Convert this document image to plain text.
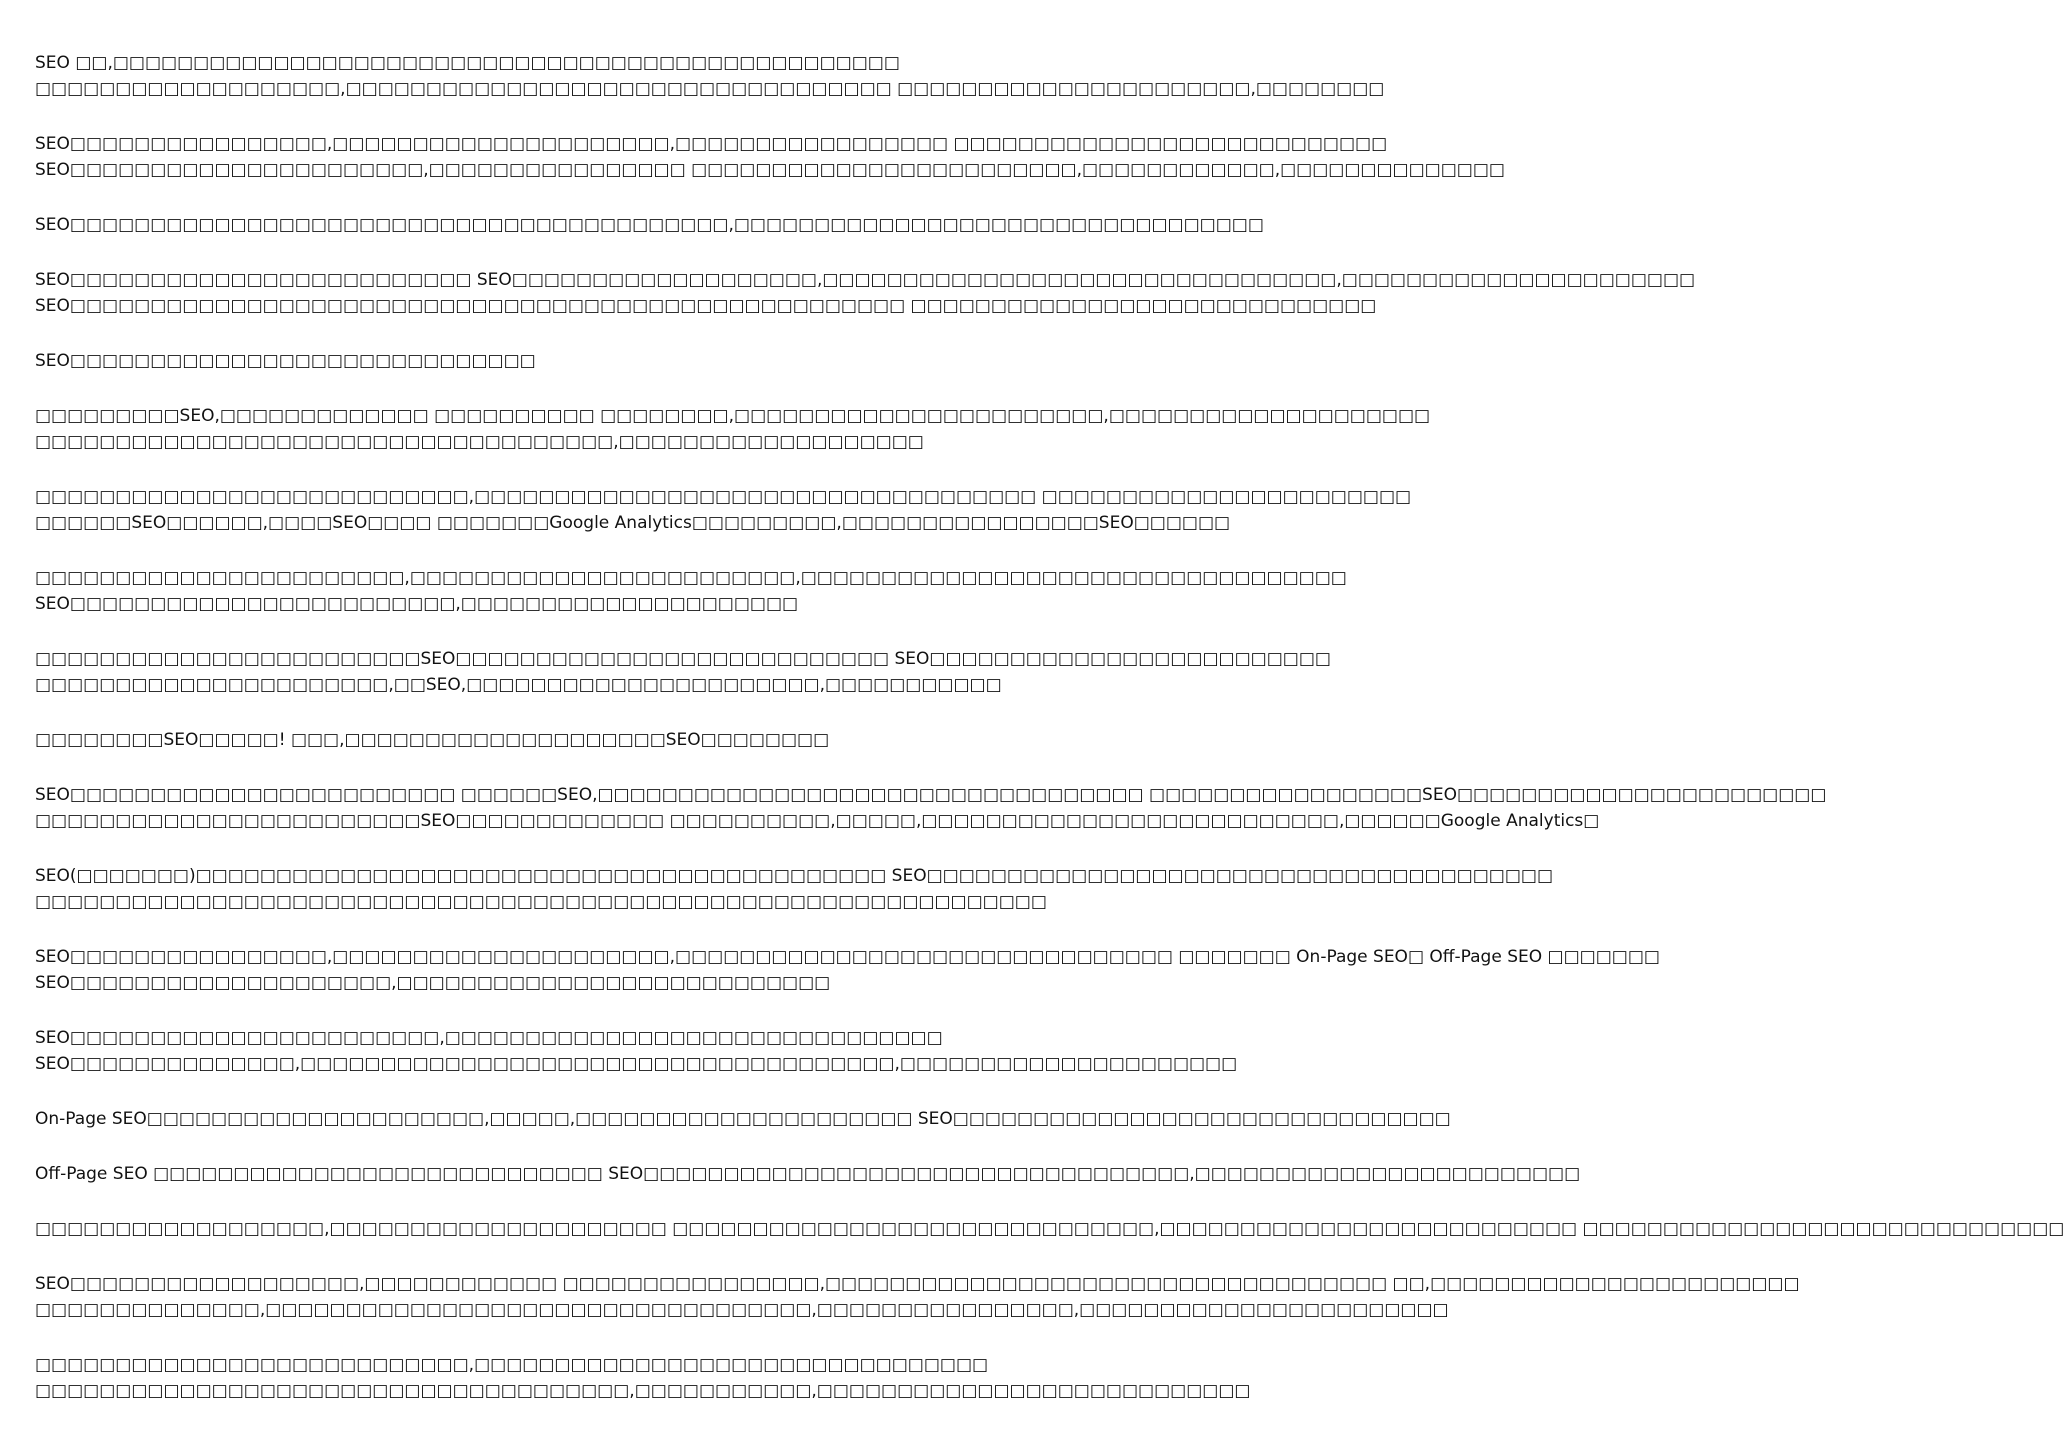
SEO □□,□□□□□□□□□□□□□□□□□□□□□□□□□□□□□□□□□□□□□□□□□□□□□□□□□
□□□□□□□□□□□□□□□□□□□,□□□□□□□□□□□□□□□□□□□□□□□□□□□□□□□□□□ □□□□□□□□□□□□□□□□□□□□□□,□□□□□□□□

SEO□□□□□□□□□□□□□□□□,□□□□□□□□□□□□□□□□□□□□□,□□□□□□□□□□□□□□□□□ □□□□□□□□□□□□□□□□□□□□□□□□□□□
SEO□□□□□□□□□□□□□□□□□□□□□□,□□□□□□□□□□□□□□□□ □□□□□□□□□□□□□□□□□□□□□□□□,□□□□□□□□□□□□,□□□□□□□□□□□□□□

SEO□□□□□□□□□□□□□□□□□□□□□□□□□□□□□□□□□□□□□□□□□,□□□□□□□□□□□□□□□□□□□□□□□□□□□□□□□□□

SEO□□□□□□□□□□□□□□□□□□□□□□□□□ SEO□□□□□□□□□□□□□□□□□□□,□□□□□□□□□□□□□□□□□□□□□□□□□□□□□□□□,□□□□□□□□□□□□□□□□□□□□□□
SEO□□□□□□□□□□□□□□□□□□□□□□□□□□□□□□□□□□□□□□□□□□□□□□□□□□□□ □□□□□□□□□□□□□□□□□□□□□□□□□□□□□

SEO□□□□□□□□□□□□□□□□□□□□□□□□□□□□□

□□□□□□□□□SEO,□□□□□□□□□□□□□ □□□□□□□□□□ □□□□□□□□,□□□□□□□□□□□□□□□□□□□□□□□,□□□□□□□□□□□□□□□□□□□□
□□□□□□□□□□□□□□□□□□□□□□□□□□□□□□□□□□□□,□□□□□□□□□□□□□□□□□□□

□□□□□□□□□□□□□□□□□□□□□□□□□□□,□□□□□□□□□□□□□□□□□□□□□□□□□□□□□□□□□□□ □□□□□□□□□□□□□□□□□□□□□□□
□□□□□□SEO□□□□□□,□□□□SEO□□□□ □□□□□□□Google Analytics□□□□□□□□□,□□□□□□□□□□□□□□□□SEO□□□□□□

□□□□□□□□□□□□□□□□□□□□□□□,□□□□□□□□□□□□□□□□□□□□□□□□,□□□□□□□□□□□□□□□□□□□□□□□□□□□□□□□□□□
SEO□□□□□□□□□□□□□□□□□□□□□□□□,□□□□□□□□□□□□□□□□□□□□□

□□□□□□□□□□□□□□□□□□□□□□□□SEO□□□□□□□□□□□□□□□□□□□□□□□□□□□ SEO□□□□□□□□□□□□□□□□□□□□□□□□□
□□□□□□□□□□□□□□□□□□□□□□,□□SEO,□□□□□□□□□□□□□□□□□□□□□□,□□□□□□□□□□□

□□□□□□□□SEO□□□□□! □□□,□□□□□□□□□□□□□□□□□□□□SEO□□□□□□□□

SEO□□□□□□□□□□□□□□□□□□□□□□□□ □□□□□□SEO,□□□□□□□□□□□□□□□□□□□□□□□□□□□□□□□□□□ □□□□□□□□□□□□□□□□□SEO□□□□□□□□□□□□□□□□□□□□□□□
□□□□□□□□□□□□□□□□□□□□□□□□SEO□□□□□□□□□□□□□ □□□□□□□□□□,□□□□□,□□□□□□□□□□□□□□□□□□□□□□□□□□,□□□□□□Google Analytics□

SEO(□□□□□□□)□□□□□□□□□□□□□□□□□□□□□□□□□□□□□□□□□□□□□□□□□□□ SEO□□□□□□□□□□□□□□□□□□□□□□□□□□□□□□□□□□□□□□□
□□□□□□□□□□□□□□□□□□□□□□□□□□□□□□□□□□□□□□□□□□□□□□□□□□□□□□□□□□□□□□□

SEO□□□□□□□□□□□□□□□□,□□□□□□□□□□□□□□□□□□□□□,□□□□□□□□□□□□□□□□□□□□□□□□□□□□□□□ □□□□□□□ On-Page SEO□ Off-Page SEO □□□□□□□
SEO□□□□□□□□□□□□□□□□□□□□,□□□□□□□□□□□□□□□□□□□□□□□□□□□

SEO□□□□□□□□□□□□□□□□□□□□□□□,□□□□□□□□□□□□□□□□□□□□□□□□□□□□□□□
SEO□□□□□□□□□□□□□□,□□□□□□□□□□□□□□□□□□□□□□□□□□□□□□□□□□□□□,□□□□□□□□□□□□□□□□□□□□□

On-Page SEO□□□□□□□□□□□□□□□□□□□□□,□□□□□,□□□□□□□□□□□□□□□□□□□□□ SEO□□□□□□□□□□□□□□□□□□□□□□□□□□□□□□□

Off-Page SEO □□□□□□□□□□□□□□□□□□□□□□□□□□□□ SEO□□□□□□□□□□□□□□□□□□□□□□□□□□□□□□□□□□,□□□□□□□□□□□□□□□□□□□□□□□□

□□□□□□□□□□□□□□□□□□,□□□□□□□□□□□□□□□□□□□□□ □□□□□□□□□□□□□□□□□□□□□□□□□□□□□□,□□□□□□□□□□□□□□□□□□□□□□□□□□ □□□□□□□□□□□□□□□□□□□□□□□□□□□□□□

SEO□□□□□□□□□□□□□□□□□□,□□□□□□□□□□□□ □□□□□□□□□□□□□□□□,□□□□□□□□□□□□□□□□□□□□□□□□□□□□□□□□□□□ □□,□□□□□□□□□□□□□□□□□□□□□□□
□□□□□□□□□□□□□□,□□□□□□□□□□□□□□□□□□□□□□□□□□□□□□□□□□,□□□□□□□□□□□□□□□□,□□□□□□□□□□□□□□□□□□□□□□□

□□□□□□□□□□□□□□□□□□□□□□□□□□□,□□□□□□□□□□□□□□□□□□□□□□□□□□□□□□□□
□□□□□□□□□□□□□□□□□□□□□□□□□□□□□□□□□□□□□,□□□□□□□□□□□,□□□□□□□□□□□□□□□□□□□□□□□□□□□
